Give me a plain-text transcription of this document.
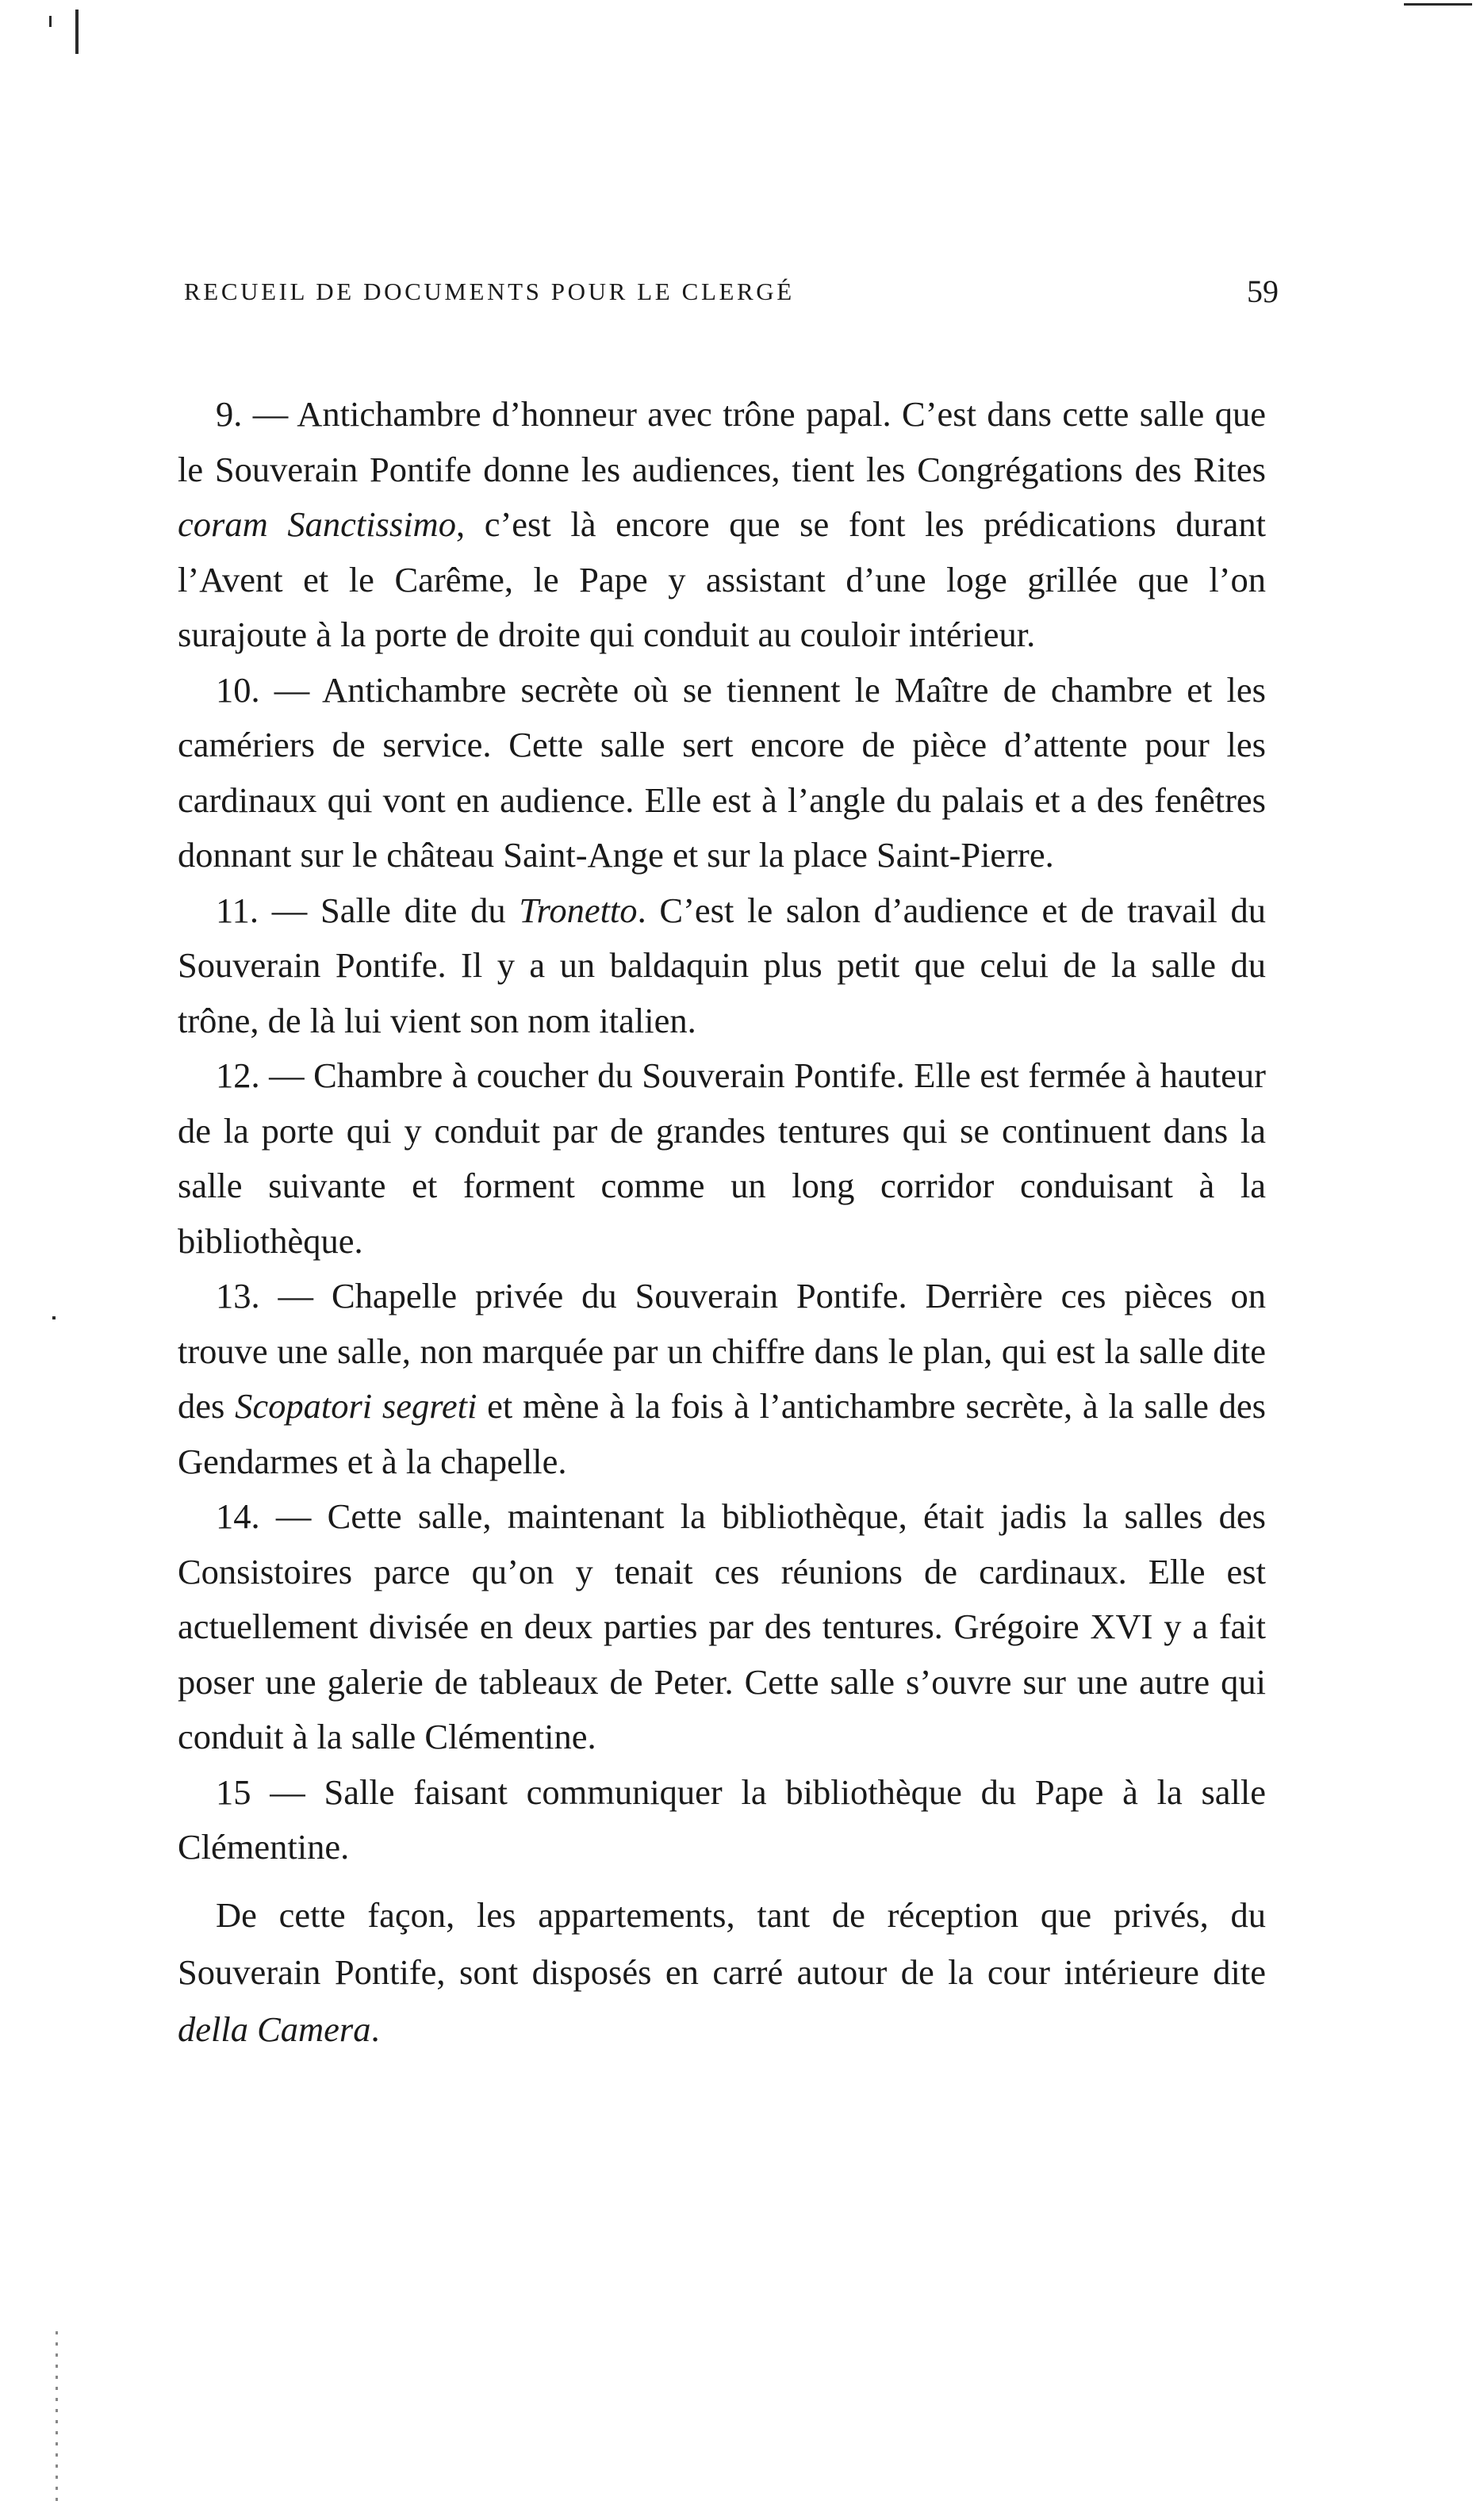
RECUEIL DE DOCUMENTS POUR LE CLERGÉ	59

9. — Antichambre d’honneur avec trône papal. C’est dans cette salle que le Souverain Pontife donne les audiences, tient les Congrégations des Rites coram Sanctissimo, c’est là encore que se font les prédications durant l’Avent et le Carême, le Pape y assistant d’une loge grillée que l’on surajoute à la porte de droite qui conduit au couloir intérieur.

10. — Antichambre secrète où se tiennent le Maître de chambre et les camériers de service. Cette salle sert encore de pièce d’attente pour les cardinaux qui vont en audience. Elle est à l’angle du palais et a des fenêtres donnant sur le château Saint-Ange et sur la place Saint-Pierre.

11. — Salle dite du Tronetto. C’est le salon d’audience et de travail du Souverain Pontife. Il y a un baldaquin plus petit que celui de la salle du trône, de là lui vient son nom italien.

12. — Chambre à coucher du Souverain Pontife. Elle est fermée à hauteur de la porte qui y conduit par de grandes tentures qui se continuent dans la salle suivante et forment comme un long corridor conduisant à la bibliothèque.

13. — Chapelle privée du Souverain Pontife. Derrière ces pièces on trouve une salle, non marquée par un chiffre dans le plan, qui est la salle dite des Scopatori segreti et mène à la fois à l’antichambre secrète, à la salle des Gendarmes et à la chapelle.

14. — Cette salle, maintenant la bibliothèque, était jadis la salles des Consistoires parce qu’on y tenait ces réunions de cardinaux. Elle est actuellement divisée en deux parties par des tentures. Grégoire XVI y a fait poser une galerie de tableaux de Peter. Cette salle s’ouvre sur une autre qui conduit à la salle Clémentine.

15 — Salle faisant communiquer la bibliothèque du Pape à la salle Clémentine.

De cette façon, les appartements, tant de réception que privés, du Souverain Pontife, sont disposés en carré autour de la cour intérieure dite della Camera.
